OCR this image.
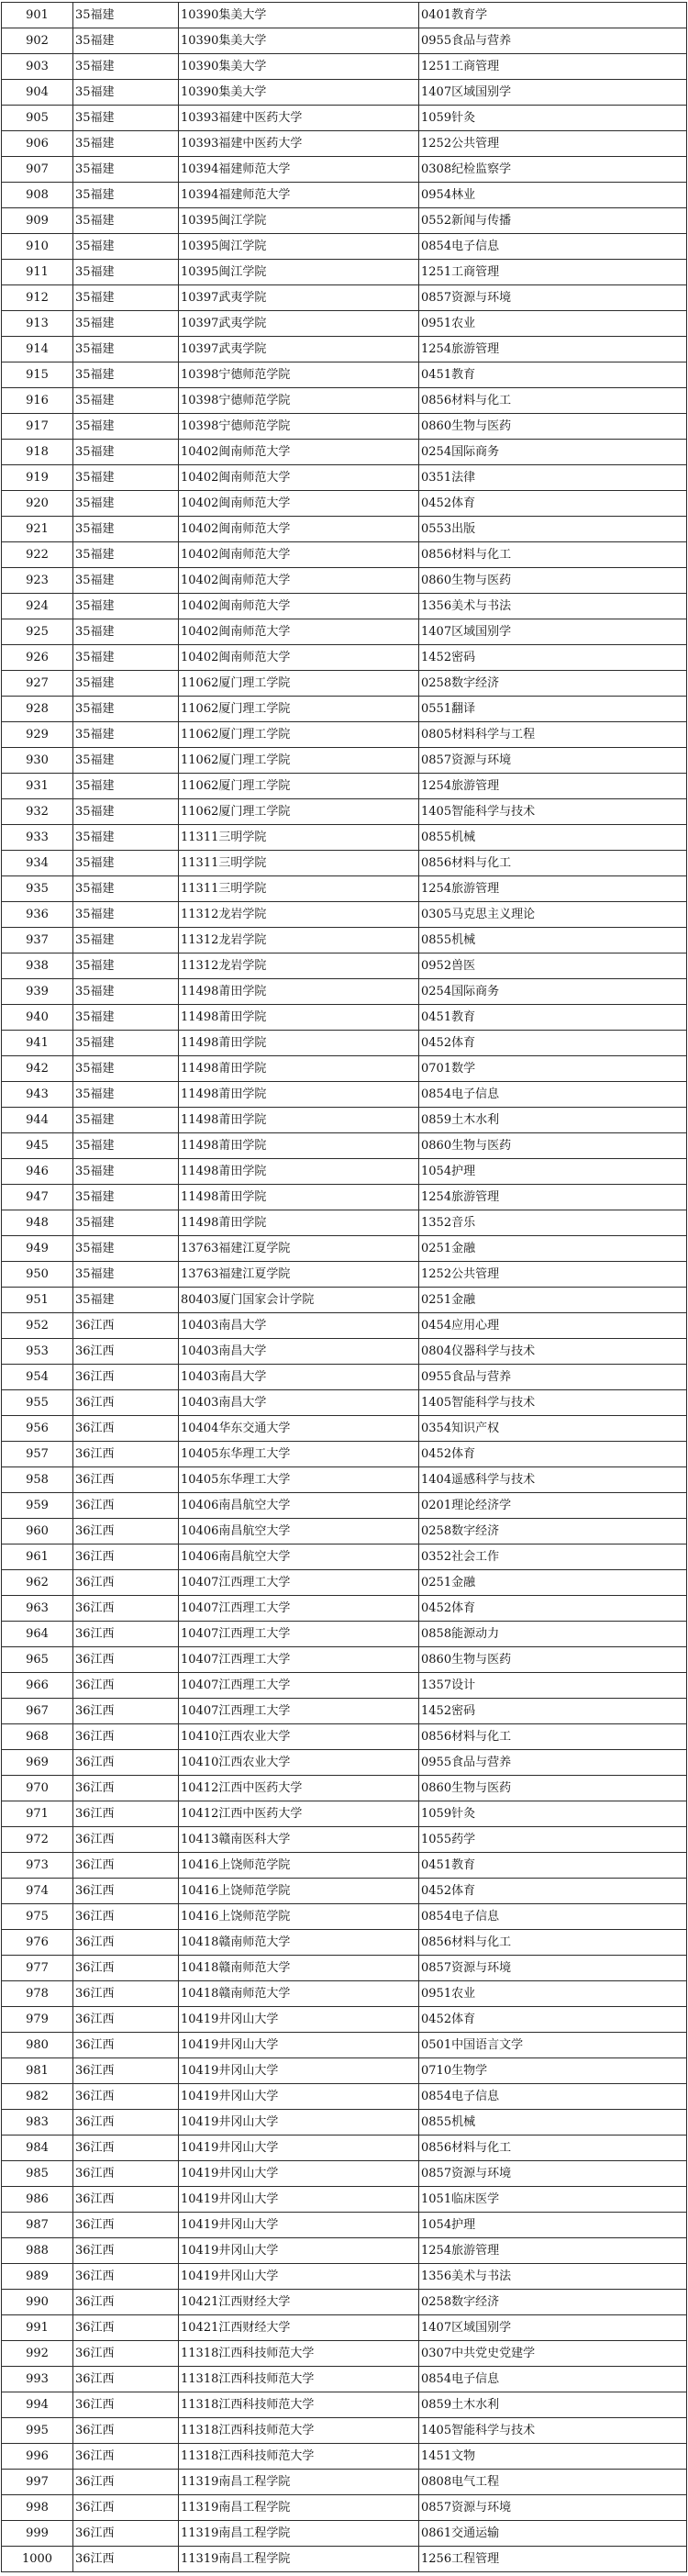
901	35福建	10390集美大学	0401教育学
902	35福建	10390集美大学	0955食品与营养
903	35福建	10390集美大学	1251工商管理
904	35福建	10390集美大学	1407区域国别学
905	35福建	10393福建中医药大学	1059针灸
906	35福建	10393福建中医药大学	1252公共管理
907	35福建	10394福建师范大学	0308纪检监察学
908	35福建	10394福建师范大学	0954林业
909	35福建	10395闽江学院	0552新闻与传播
910	35福建	10395闽江学院	0854电子信息
911	35福建	10395闽江学院	1251工商管理
912	35福建	10397武夷学院	0857资源与环境
913	35福建	10397武夷学院	0951农业
914	35福建	10397武夷学院	1254旅游管理
915	35福建	10398宁德师范学院	0451教育
916	35福建	10398宁德师范学院	0856材料与化工
917	35福建	10398宁德师范学院	0860生物与医药
918	35福建	10402闽南师范大学	0254国际商务
919	35福建	10402闽南师范大学	0351法律
920	35福建	10402闽南师范大学	0452体育
921	35福建	10402闽南师范大学	0553出版
922	35福建	10402闽南师范大学	0856材料与化工
923	35福建	10402闽南师范大学	0860生物与医药
924	35福建	10402闽南师范大学	1356美术与书法
925	35福建	10402闽南师范大学	1407区域国别学
926	35福建	10402闽南师范大学	1452密码
927	35福建	11062厦门理工学院	0258数字经济
928	35福建	11062厦门理工学院	0551翻译
929	35福建	11062厦门理工学院	0805材料科学与工程
930	35福建	11062厦门理工学院	0857资源与环境
931	35福建	11062厦门理工学院	1254旅游管理
932	35福建	11062厦门理工学院	1405智能科学与技术
933	35福建	11311三明学院	0855机械
934	35福建	11311三明学院	0856材料与化工
935	35福建	11311三明学院	1254旅游管理
936	35福建	11312龙岩学院	0305马克思主义理论
937	35福建	11312龙岩学院	0855机械
938	35福建	11312龙岩学院	0952兽医
939	35福建	11498莆田学院	0254国际商务
940	35福建	11498莆田学院	0451教育
941	35福建	11498莆田学院	0452体育
942	35福建	11498莆田学院	0701数学
943	35福建	11498莆田学院	0854电子信息
944	35福建	11498莆田学院	0859土木水利
945	35福建	11498莆田学院	0860生物与医药
946	35福建	11498莆田学院	1054护理
947	35福建	11498莆田学院	1254旅游管理
948	35福建	11498莆田学院	1352音乐
949	35福建	13763福建江夏学院	0251金融
950	35福建	13763福建江夏学院	1252公共管理
951	35福建	80403厦门国家会计学院	0251金融
952	36江西	10403南昌大学	0454应用心理
953	36江西	10403南昌大学	0804仪器科学与技术
954	36江西	10403南昌大学	0955食品与营养
955	36江西	10403南昌大学	1405智能科学与技术
956	36江西	10404华东交通大学	0354知识产权
957	36江西	10405东华理工大学	0452体育
958	36江西	10405东华理工大学	1404遥感科学与技术
959	36江西	10406南昌航空大学	0201理论经济学
960	36江西	10406南昌航空大学	0258数字经济
961	36江西	10406南昌航空大学	0352社会工作
962	36江西	10407江西理工大学	0251金融
963	36江西	10407江西理工大学	0452体育
964	36江西	10407江西理工大学	0858能源动力
965	36江西	10407江西理工大学	0860生物与医药
966	36江西	10407江西理工大学	1357设计
967	36江西	10407江西理工大学	1452密码
968	36江西	10410江西农业大学	0856材料与化工
969	36江西	10410江西农业大学	0955食品与营养
970	36江西	10412江西中医药大学	0860生物与医药
971	36江西	10412江西中医药大学	1059针灸
972	36江西	10413赣南医科大学	1055药学
973	36江西	10416上饶师范学院	0451教育
974	36江西	10416上饶师范学院	0452体育
975	36江西	10416上饶师范学院	0854电子信息
976	36江西	10418赣南师范大学	0856材料与化工
977	36江西	10418赣南师范大学	0857资源与环境
978	36江西	10418赣南师范大学	0951农业
979	36江西	10419井冈山大学	0452体育
980	36江西	10419井冈山大学	0501中国语言文学
981	36江西	10419井冈山大学	0710生物学
982	36江西	10419井冈山大学	0854电子信息
983	36江西	10419井冈山大学	0855机械
984	36江西	10419井冈山大学	0856材料与化工
985	36江西	10419井冈山大学	0857资源与环境
986	36江西	10419井冈山大学	1051临床医学
987	36江西	10419井冈山大学	1054护理
988	36江西	10419井冈山大学	1254旅游管理
989	36江西	10419井冈山大学	1356美术与书法
990	36江西	10421江西财经大学	0258数字经济
991	36江西	10421江西财经大学	1407区域国别学
992	36江西	11318江西科技师范大学	0307中共党史党建学
993	36江西	11318江西科技师范大学	0854电子信息
994	36江西	11318江西科技师范大学	0859土木水利
995	36江西	11318江西科技师范大学	1405智能科学与技术
996	36江西	11318江西科技师范大学	1451文物
997	36江西	11319南昌工程学院	0808电气工程
998	36江西	11319南昌工程学院	0857资源与环境
999	36江西	11319南昌工程学院	0861交通运输
1000	36江西	11319南昌工程学院	1256工程管理
